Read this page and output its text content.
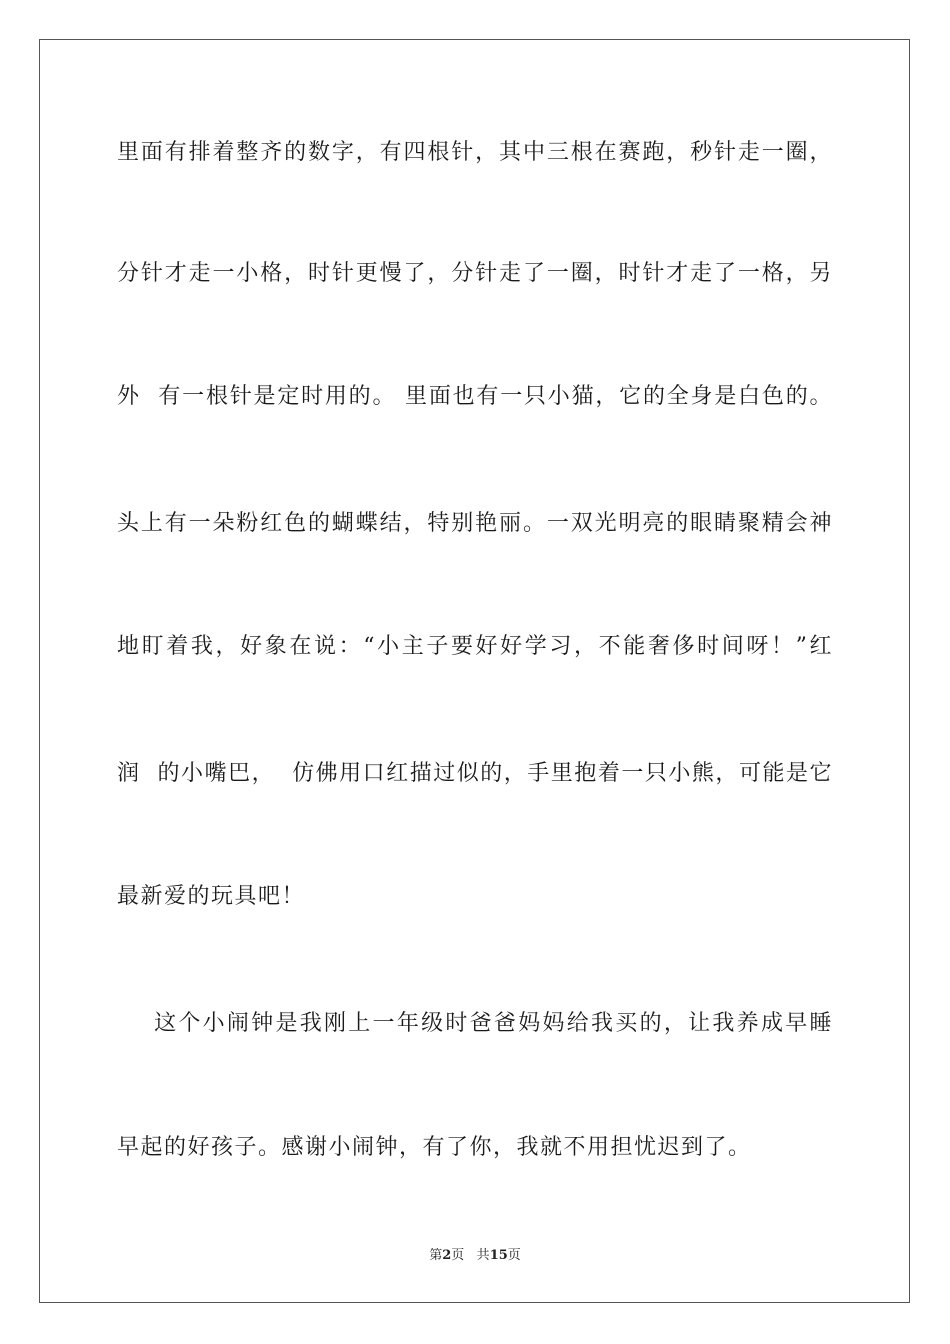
里面有排着整齐的数字，有四根针，其中三根在赛跑，秒针走一圈，
分针才走一小格，时针更慢了，分针走了一圈，时针才走了一格，另
外  有一根针是定时用的。 里面也有一只小猫，它的全身是白色的。
头上有一朵粉红色的蝴蝶结，特别艳丽。一双光明亮的眼睛聚精会神
地盯着我，好象在说：“小主子要好好学习，不能奢侈时间呀！”红
润  的小嘴巴，  仿佛用口红描过似的，手里抱着一只小熊，可能是它
最新爱的玩具吧！
这个小闹钟是我刚上一年级时爸爸妈妈给我买的，让我养成早睡
早起的好孩子。感谢小闹钟，有了你，我就不用担忧迟到了。
第2页 共15页
